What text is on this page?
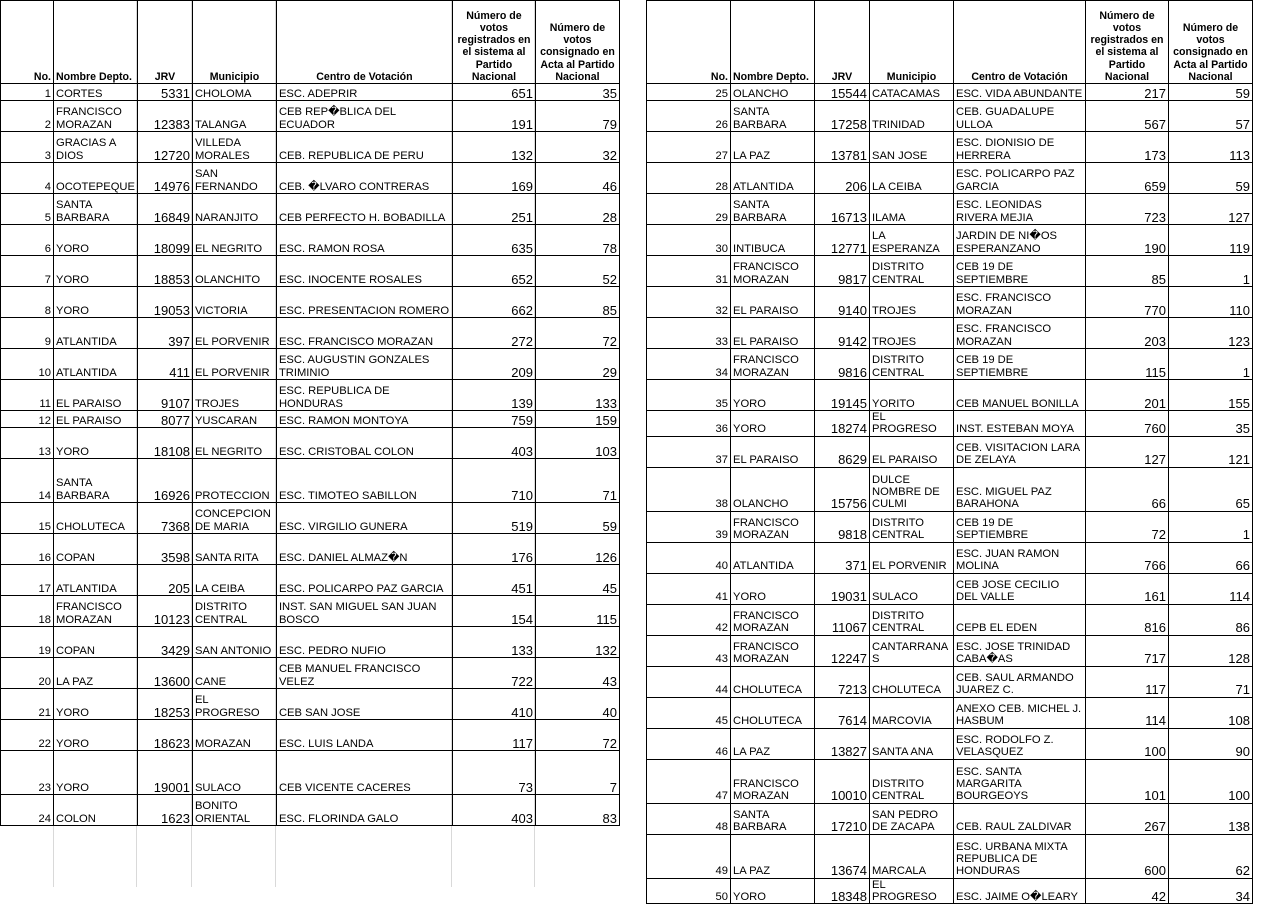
No.	Nombre Depto.	JRV	Municipio	Centro de Votación	Número de votos registrados en el sistema al Partido Nacional	Número de votos consignado en Acta al Partido Nacional
1	CORTES	5331	CHOLOMA	ESC. ADEPRIR	651	35
2	FRANCISCO MORAZAN	12383	TALANGA	CEB REP�BLICA DEL ECUADOR	191	79
3	GRACIAS A DIOS	12720	VILLEDA MORALES	CEB. REPUBLICA DE PERU	132	32
4	OCOTEPEQUE	14976	SAN FERNANDO	CEB. �LVARO CONTRERAS	169	46
5	SANTA BARBARA	16849	NARANJITO	CEB PERFECTO H. BOBADILLA	251	28
6	YORO	18099	EL NEGRITO	ESC. RAMON ROSA	635	78
7	YORO	18853	OLANCHITO	ESC. INOCENTE ROSALES	652	52
8	YORO	19053	VICTORIA	ESC. PRESENTACION ROMERO	662	85
9	ATLANTIDA	397	EL PORVENIR	ESC. FRANCISCO MORAZAN	272	72
10	ATLANTIDA	411	EL PORVENIR	ESC. AUGUSTIN GONZALES TRIMINIO	209	29
11	EL PARAISO	9107	TROJES	ESC. REPUBLICA DE HONDURAS	139	133
12	EL PARAISO	8077	YUSCARAN	ESC. RAMON MONTOYA	759	159
13	YORO	18108	EL NEGRITO	ESC. CRISTOBAL COLON	403	103
14	SANTA BARBARA	16926	PROTECCION	ESC. TIMOTEO SABILLON	710	71
15	CHOLUTECA	7368	CONCEPCION DE MARIA	ESC. VIRGILIO GUNERA	519	59
16	COPAN	3598	SANTA RITA	ESC. DANIEL ALMAZ�N	176	126
17	ATLANTIDA	205	LA CEIBA	ESC. POLICARPO PAZ GARCIA	451	45
18	FRANCISCO MORAZAN	10123	DISTRITO CENTRAL	INST. SAN MIGUEL SAN JUAN BOSCO	154	115
19	COPAN	3429	SAN ANTONIO	ESC. PEDRO NUFIO	133	132
20	LA PAZ	13600	CANE	CEB MANUEL FRANCISCO VELEZ	722	43
21	YORO	18253	EL PROGRESO	CEB SAN JOSE	410	40
22	YORO	18623	MORAZAN	ESC. LUIS LANDA	117	72
23	YORO	19001	SULACO	CEB VICENTE CACERES	73	7
24	COLON	1623	BONITO ORIENTAL	ESC. FLORINDA GALO	403	83
No.	Nombre Depto.	JRV	Municipio	Centro de Votación	Número de votos registrados en el sistema al Partido Nacional	Número de votos consignado en Acta al Partido Nacional
25	OLANCHO	15544	CATACAMAS	ESC. VIDA ABUNDANTE	217	59
26	SANTA BARBARA	17258	TRINIDAD	CEB. GUADALUPE ULLOA	567	57
27	LA PAZ	13781	SAN JOSE	ESC. DIONISIO DE HERRERA	173	113
28	ATLANTIDA	206	LA CEIBA	ESC. POLICARPO PAZ GARCIA	659	59
29	SANTA BARBARA	16713	ILAMA	ESC. LEONIDAS RIVERA MEJIA	723	127
30	INTIBUCA	12771	LA ESPERANZA	JARDIN DE NI�OS ESPERANZANO	190	119
31	FRANCISCO MORAZAN	9817	DISTRITO CENTRAL	CEB 19 DE SEPTIEMBRE	85	1
32	EL PARAISO	9140	TROJES	ESC. FRANCISCO MORAZAN	770	110
33	EL PARAISO	9142	TROJES	ESC. FRANCISCO MORAZAN	203	123
34	FRANCISCO MORAZAN	9816	DISTRITO CENTRAL	CEB 19 DE SEPTIEMBRE	115	1
35	YORO	19145	YORITO	CEB MANUEL BONILLA	201	155
36	YORO	18274	EL PROGRESO	INST. ESTEBAN MOYA	760	35
37	EL PARAISO	8629	EL PARAISO	CEB. VISITACION LARA DE ZELAYA	127	121
38	OLANCHO	15756	DULCE NOMBRE DE CULMI	ESC. MIGUEL PAZ BARAHONA	66	65
39	FRANCISCO MORAZAN	9818	DISTRITO CENTRAL	CEB 19 DE SEPTIEMBRE	72	1
40	ATLANTIDA	371	EL PORVENIR	ESC. JUAN RAMON MOLINA	766	66
41	YORO	19031	SULACO	CEB JOSE CECILIO DEL VALLE	161	114
42	FRANCISCO MORAZAN	11067	DISTRITO CENTRAL	CEPB EL EDEN	816	86
43	FRANCISCO MORAZAN	12247	CANTARRANA S	ESC. JOSE TRINIDAD CABA�AS	717	128
44	CHOLUTECA	7213	CHOLUTECA	CEB. SAUL ARMANDO JUAREZ C.	117	71
45	CHOLUTECA	7614	MARCOVIA	ANEXO CEB. MICHEL J. HASBUM	114	108
46	LA PAZ	13827	SANTA ANA	ESC. RODOLFO Z. VELASQUEZ	100	90
47	FRANCISCO MORAZAN	10010	DISTRITO CENTRAL	ESC. SANTA MARGARITA BOURGEOYS	101	100
48	SANTA BARBARA	17210	SAN PEDRO DE ZACAPA	CEB. RAUL ZALDIVAR	267	138
49	LA PAZ	13674	MARCALA	ESC. URBANA MIXTA REPUBLICA DE HONDURAS	600	62
50	YORO	18348	EL PROGRESO	ESC. JAIME O�LEARY	42	34
